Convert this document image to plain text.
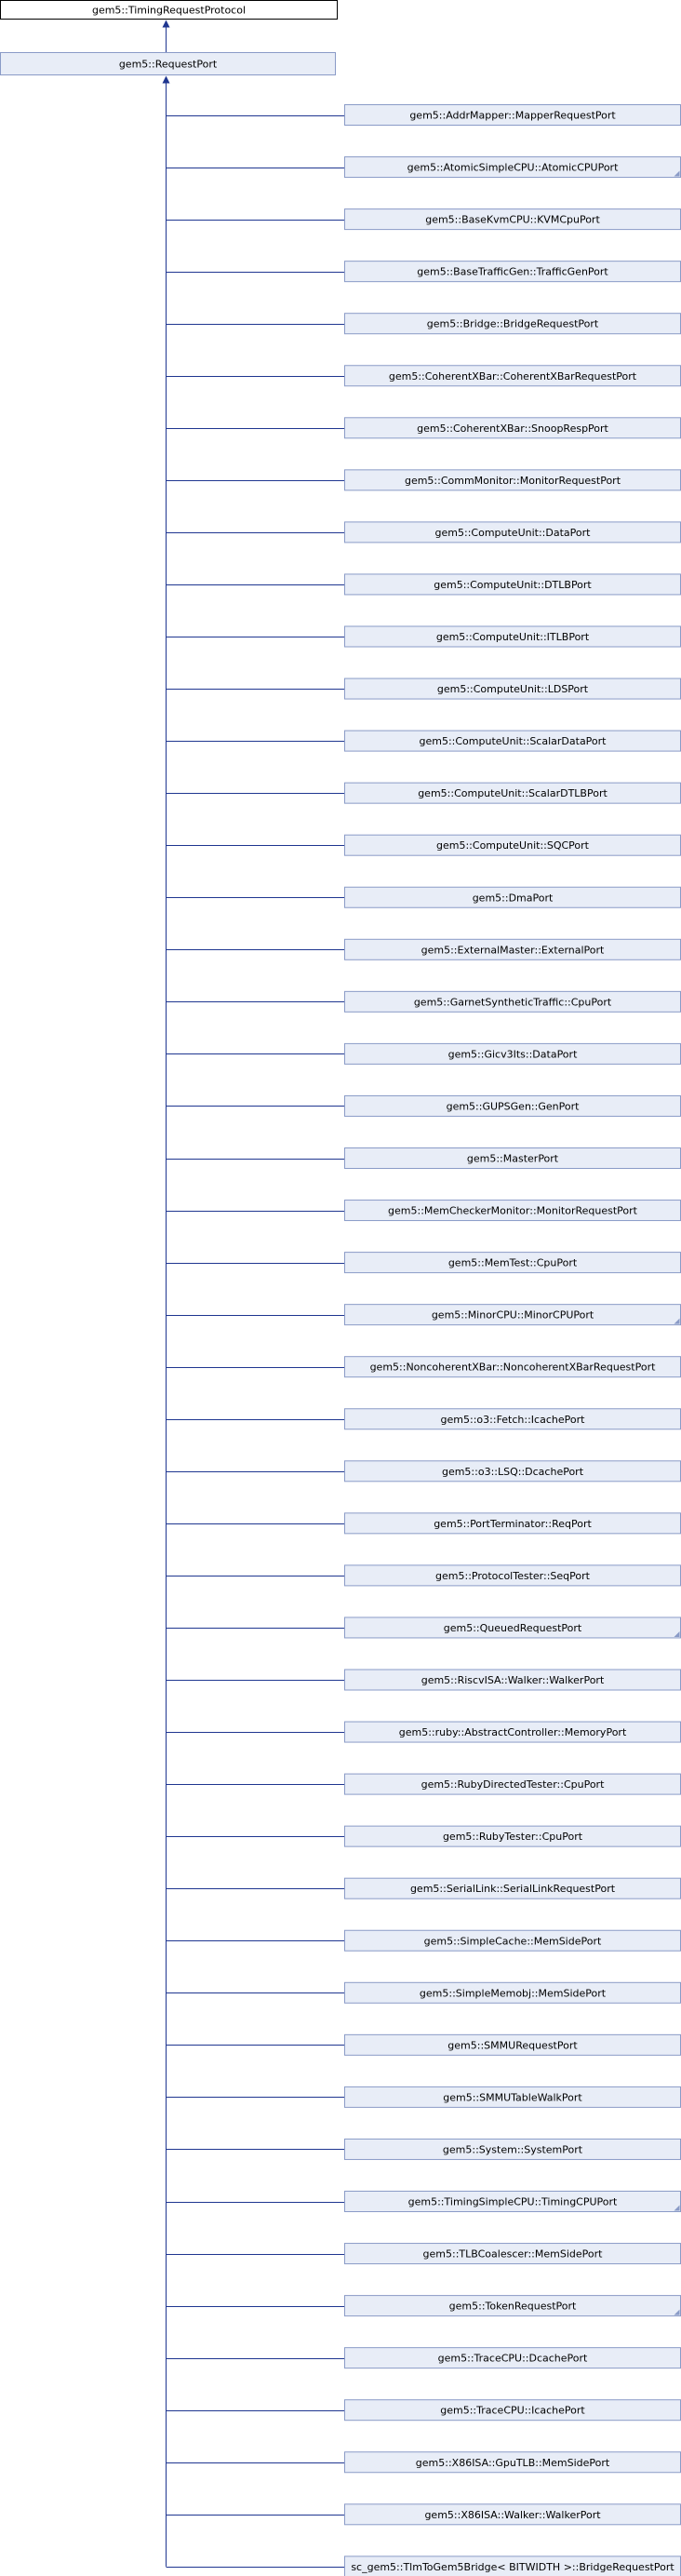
gem5::TimingRequestProtocol
gem5::RequestPort
gem5::AddrMapper::MapperRequestPort
gem5::AtomicSimpleCPU::AtomicCPUPort
gem5::BaseKvmCPU::KVMCpuPort
gem5::BaseTrafficGen::TrafficGenPort
gem5::Bridge::BridgeRequestPort
gem5::CoherentXBar::CoherentXBarRequestPort
gem5::CoherentXBar::SnoopRespPort
gem5::CommMonitor::MonitorRequestPort
gem5::ComputeUnit::DataPort
gem5::ComputeUnit::DTLBPort
gem5::ComputeUnit::ITLBPort
gem5::ComputeUnit::LDSPort
gem5::ComputeUnit::ScalarDataPort
gem5::ComputeUnit::ScalarDTLBPort
gem5::ComputeUnit::SQCPort
gem5::DmaPort
gem5::ExternalMaster::ExternalPort
gem5::GarnetSyntheticTraffic::CpuPort
gem5::Gicv3Its::DataPort
gem5::GUPSGen::GenPort
gem5::MasterPort
gem5::MemCheckerMonitor::MonitorRequestPort
gem5::MemTest::CpuPort
gem5::MinorCPU::MinorCPUPort
gem5::NoncoherentXBar::NoncoherentXBarRequestPort
gem5::o3::Fetch::IcachePort
gem5::o3::LSQ::DcachePort
gem5::PortTerminator::ReqPort
gem5::ProtocolTester::SeqPort
gem5::QueuedRequestPort
gem5::RiscvISA::Walker::WalkerPort
gem5::ruby::AbstractController::MemoryPort
gem5::RubyDirectedTester::CpuPort
gem5::RubyTester::CpuPort
gem5::SerialLink::SerialLinkRequestPort
gem5::SimpleCache::MemSidePort
gem5::SimpleMemobj::MemSidePort
gem5::SMMURequestPort
gem5::SMMUTableWalkPort
gem5::System::SystemPort
gem5::TimingSimpleCPU::TimingCPUPort
gem5::TLBCoalescer::MemSidePort
gem5::TokenRequestPort
gem5::TraceCPU::DcachePort
gem5::TraceCPU::IcachePort
gem5::X86ISA::GpuTLB::MemSidePort
gem5::X86ISA::Walker::WalkerPort
sc_gem5::TlmToGem5Bridge< BITWIDTH >::BridgeRequestPort
